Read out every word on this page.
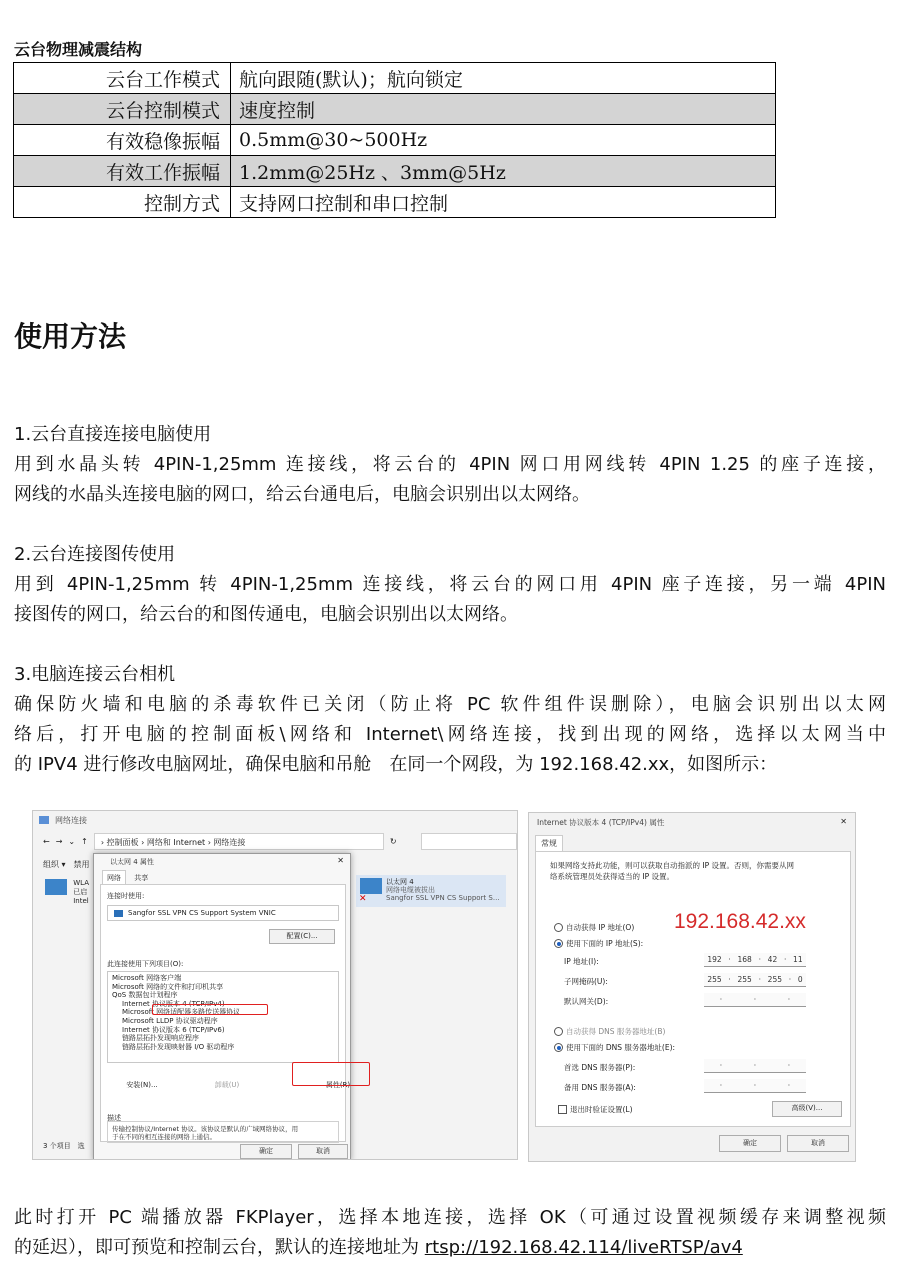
云台物理减震结构
云台工作模式	航向跟随(默认)；航向锁定
云台控制模式	速度控制
有效稳像振幅	0.5mm@30~500Hz
有效工作振幅	1.2mm@25Hz 、3mm@5Hz
控制方式	支持网口控制和串口控制
使用方法
1.云台直接连接电脑使用
用到水晶头转 4PIN-1,25mm 连接线，将云台的 4PIN 网口用网线转 4PIN 1.25 的座子连接，
网线的水晶头连接电脑的网口，给云台通电后，电脑会识别出以太网络。
2.云台连接图传使用
用到 4PIN-1,25mm 转 4PIN-1,25mm 连接线，将云台的网口用 4PIN 座子连接，另一端 4PIN
接图传的网口，给云台的和图传通电，电脑会识别出以太网络。
3.电脑连接云台相机
确保防火墙和电脑的杀毒软件已关闭（防止将 PC 软件组件误删除），电脑会识别出以太网
络后，打开电脑的控制面板\网络和 Internet\网络连接，找到出现的网络，选择以太网当中
的 IPV4 进行修改电脑网址，确保电脑和吊舱　在同一个网段，为 192.168.42.xx，如图所示：
网络连接
← → ⌄ ↑	› 控制面板 › 网络和 Internet › 网络连接	↻
组织 ▾　禁用
WLA
已启
Intel	✕
以太网 4
网络电缆被拔出
Sangfor SSL VPN CS Support S...
3 个项目　选
以太网 4 属性	✕
网络 共享
连接时使用:
Sangfor SSL VPN CS Support System VNIC
配置(C)...
此连接使用下列项目(O):
Microsoft 网络客户端
Microsoft 网络的文件和打印机共享
QoS 数据包计划程序
Internet 协议版本 4 (TCP/IPv4)
Microsoft 网络适配器多路传送器协议
Microsoft LLDP 协议驱动程序
Internet 协议版本 6 (TCP/IPv6)
链路层拓扑发现响应程序
链路层拓扑发现映射器 I/O 驱动程序
安装(N)...	卸载(U)	属性(R)
描述
传输控制协议/Internet 协议。该协议是默认的广域网络协议，用
于在不同的相互连接的网络上通信。
确定	取消
Internet 协议版本 4 (TCP/IPv4) 属性	✕
常规
如果网络支持此功能，则可以获取自动指派的 IP 设置。否则，你需要从网
络系统管理员处获得适当的 IP 设置。
192.168.42.xx
自动获得 IP 地址(O)
使用下面的 IP 地址(S):
IP 地址(I):	192 · 168 · 42 · 11
子网掩码(U):	255 · 255 · 255 · 0
默认网关(D):	·	·	·
自动获得 DNS 服务器地址(B)
使用下面的 DNS 服务器地址(E):
首选 DNS 服务器(P):	·	·	·
备用 DNS 服务器(A):	·	·	·
退出时验证设置(L)	高级(V)...
确定	取消
此时打开 PC 端播放器 FKPlayer，选择本地连接，选择 OK（可通过设置视频缓存来调整视频
的延迟），即可预览和控制云台，默认的连接地址为 rtsp://192.168.42.114/liveRTSP/av4
